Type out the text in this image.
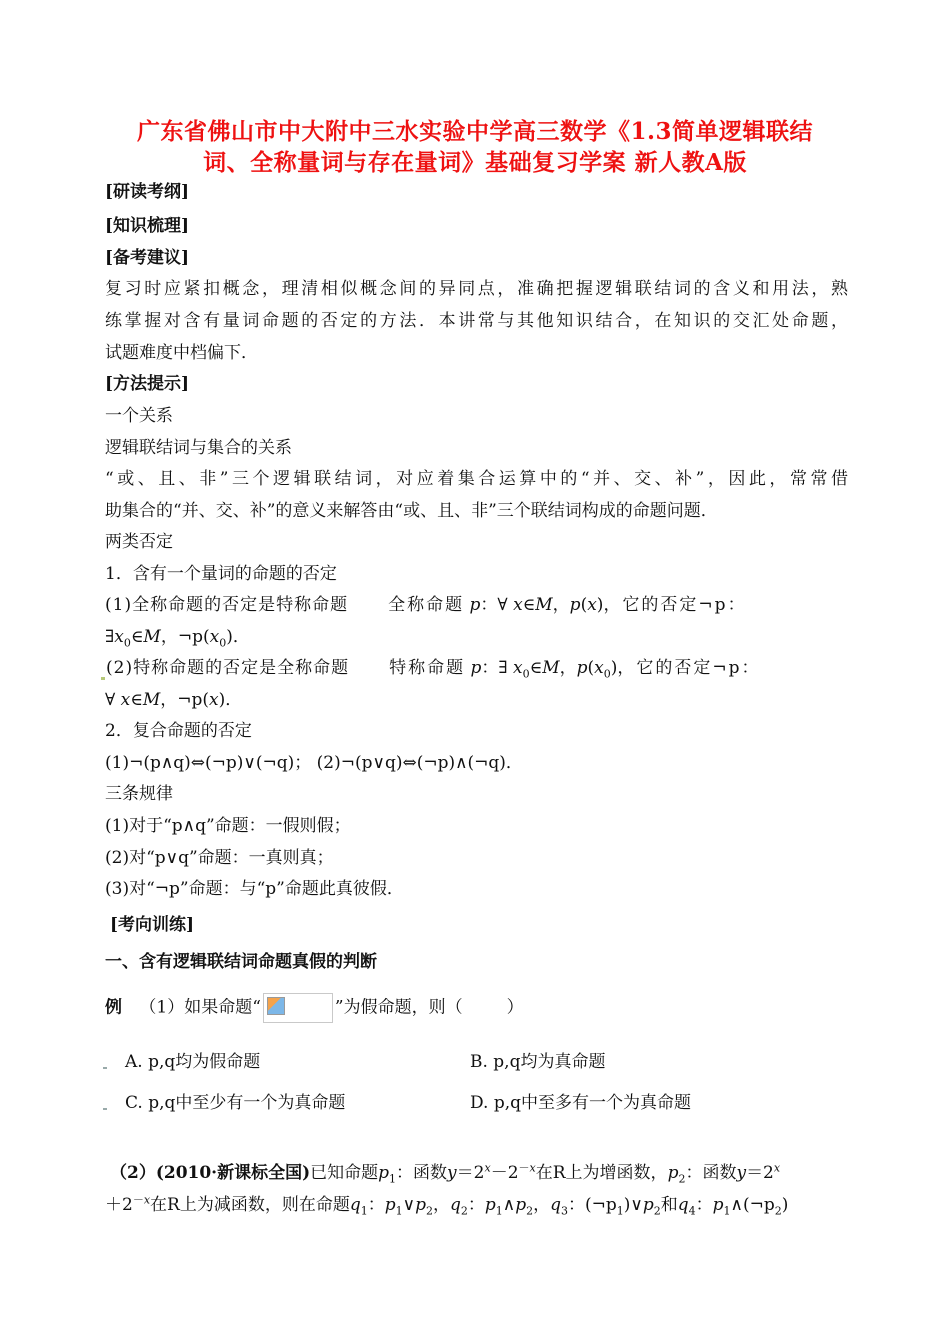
广东省佛山市中大附中三水实验中学高三数学《1.3简单逻辑联结
词、全称量词与存在量词》基础复习学案 新人教A版
[研读考纲]
[知识梳理]
[备考建议]
复习时应紧扣概念，理清相似概念间的异同点，准确把握逻辑联结词的含义和用法，熟
练掌握对含有量词命题的否定的方法．本讲常与其他知识结合，在知识的交汇处命题，
试题难度中档偏下．
[方法提示]
一个关系
逻辑联结词与集合的关系
“或、且、非”三个逻辑联结词，对应着集合运算中的“并、交、补”，因此，常常借
助集合的“并、交、补”的意义来解答由“或、且、非”三个联结词构成的命题问题．
两类否定
1．含有一个量词的命题的否定
(1)全称命题的否定是特称命题 全称命题 p：∀ x∈M，p(x)，它的否定¬p：
$\exists x_0\in M$，$\neg p(x_0)$．
(2)特称命题的否定是全称命题 特称命题 p：∃ $x_0\in M$，$p(x_0)$，它的否定¬p：
∀ x∈M，¬p(x)．
2．复合命题的否定
(1)¬(p∧q)⇔(¬p)∨(¬q)； (2)¬(p∨q)⇔(¬p)∧(¬q)．
三条规律
(1)对于“p∧q”命题：一假则假；
(2)对“p∨q”命题：一真则真；
(3)对“¬p”命题：与“p”命题此真彼假．
[考向训练]
一、含有逻辑联结词命题真假的判断
例 （1）如果命题“	”为假命题，则（	）
A. p,q均为假命题	B. p,q均为真命题
C. p,q中至少有一个为真命题	D. p,q中至多有一个为真命题
（2）(2010·新课标全国)已知命题$p_1$：函数$y=2^x-2^{-x}$在R上为增函数，$p_2$：函数$y=2^x$
$+2^{-x}$在R上为减函数，则在命题$q_1$：$p_1\vee p_2$，$q_2$：$p_1\wedge p_2$，$q_3$：$(\neg p_1)\vee p_2$和$q_4$：$p_1\wedge(\neg p_2)$
